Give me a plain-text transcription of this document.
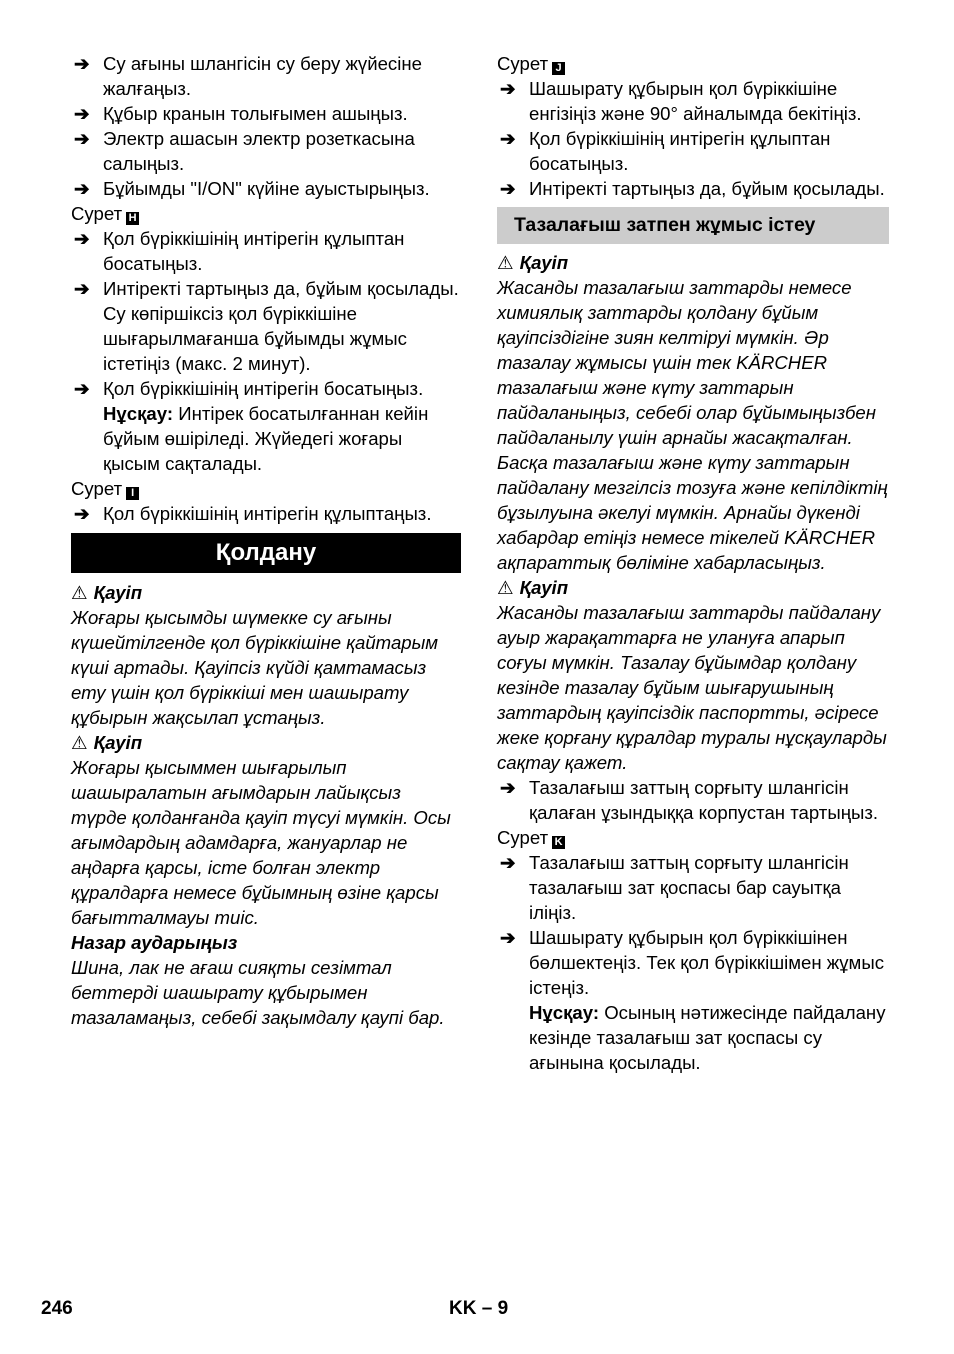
➔ Су ағыны шлангісін су беру жүйесіне жалғаңыз.
➔ Құбыр кранын толығымен ашыңыз.
➔ Электр ашасын электр розеткасына салыңыз.
➔ Бұйымды "I/ON" күйіне ауыстырыңыз.
Сурет H
➔ Қол бүріккішінің интірегін құлыптан босатыңыз.
➔ Интіректі тартыңыз да, бұйым қосылады.
Су көпіршіксіз қол бүріккішіне шығарылмағанша бұйымды жұмыс істетіңіз (макс. 2 минут).
➔ Қол бүріккішінің интірегін босатыңыз.
Нұсқау: Интірек босатылғаннан кейін бұйым өшіріледі. Жүйедегі жоғары қысым сақталады.
Сурет I
➔ Қол бүріккішінің интірегін құлыптаңыз.
Қолдану
⚠ Қауіп
Жоғары қысымды шүмекке су ағыны күшейтілгенде қол бүріккішіне қайтарым күші артады. Қауіпсіз күйді қамтамасыз ету үшін қол бүріккіші мен шашырату құбырын жақсылап ұстаңыз.
⚠ Қауіп
Жоғары қысыммен шығарылып шашыралатын ағымдарын лайықсыз түрде қолданғанда қауіп түсуі мүмкін. Осы ағымдардың адамдарға, жануарлар не аңдарға қарсы, істе болған электр құралдарға немесе бұйымның өзіне қарсы бағытталмауы тиіс.
Назар аударыңыз
Шина, лак не ағаш сияқты сезімтал беттерді шашырату құбырымен тазаламаңыз, себебі зақымдалу қаупі бар.
Сурет J
➔ Шашырату құбырын қол бүріккішіне енгізіңіз және 90° айналымда бекітіңіз.
➔ Қол бүріккішінің интірегін құлыптан босатыңыз.
➔ Интіректі тартыңыз да, бұйым қосылады.
Тазалағыш затпен жұмыс істеу
⚠ Қауіп
Жасанды тазалағыш заттарды немесе химиялық заттарды қолдану бұйым қауіпсіздігіне зиян келтіруі мүмкін. Әр тазалау жұмысы үшін тек KÄRCHER тазалағыш және күту заттарын пайдаланыңыз, себебі олар бұйымыңызбен пайдаланылу үшін арнайы жасақталған. Басқа тазалағыш және күту заттарын пайдалану мезгілсіз тозуға және кепілдіктің бұзылуына әкелуі мүмкін. Арнайы дүкенді хабардар етіңіз немесе тікелей KÄRCHER ақпараттық бөліміне хабарласыңыз.
⚠ Қауіп
Жасанды тазалағыш заттарды пайдалану ауыр жарақаттарға не улануға апарып соғуы мүмкін. Тазалау бұйымдар қолдану кезінде тазалау бұйым шығарушының заттардың қауіпсіздік паспортты, әсіресе жеке қорғану құралдар туралы нұсқауларды сақтау қажет.
➔ Тазалағыш заттың сорғыту шлангісін қалаған ұзындыққа корпустан тартыңыз.
Сурет K
➔ Тазалағыш заттың сорғыту шлангісін тазалағыш зат қоспасы бар сауытқа іліңіз.
➔ Шашырату құбырын қол бүріккішінен бөлшектеңіз. Тек қол бүріккішімен жұмыс істеңіз.
Нұсқау: Осының нәтижесінде пайдалану кезінде тазалағыш зат қоспасы су ағынына қосылады.
246	KK – 9
